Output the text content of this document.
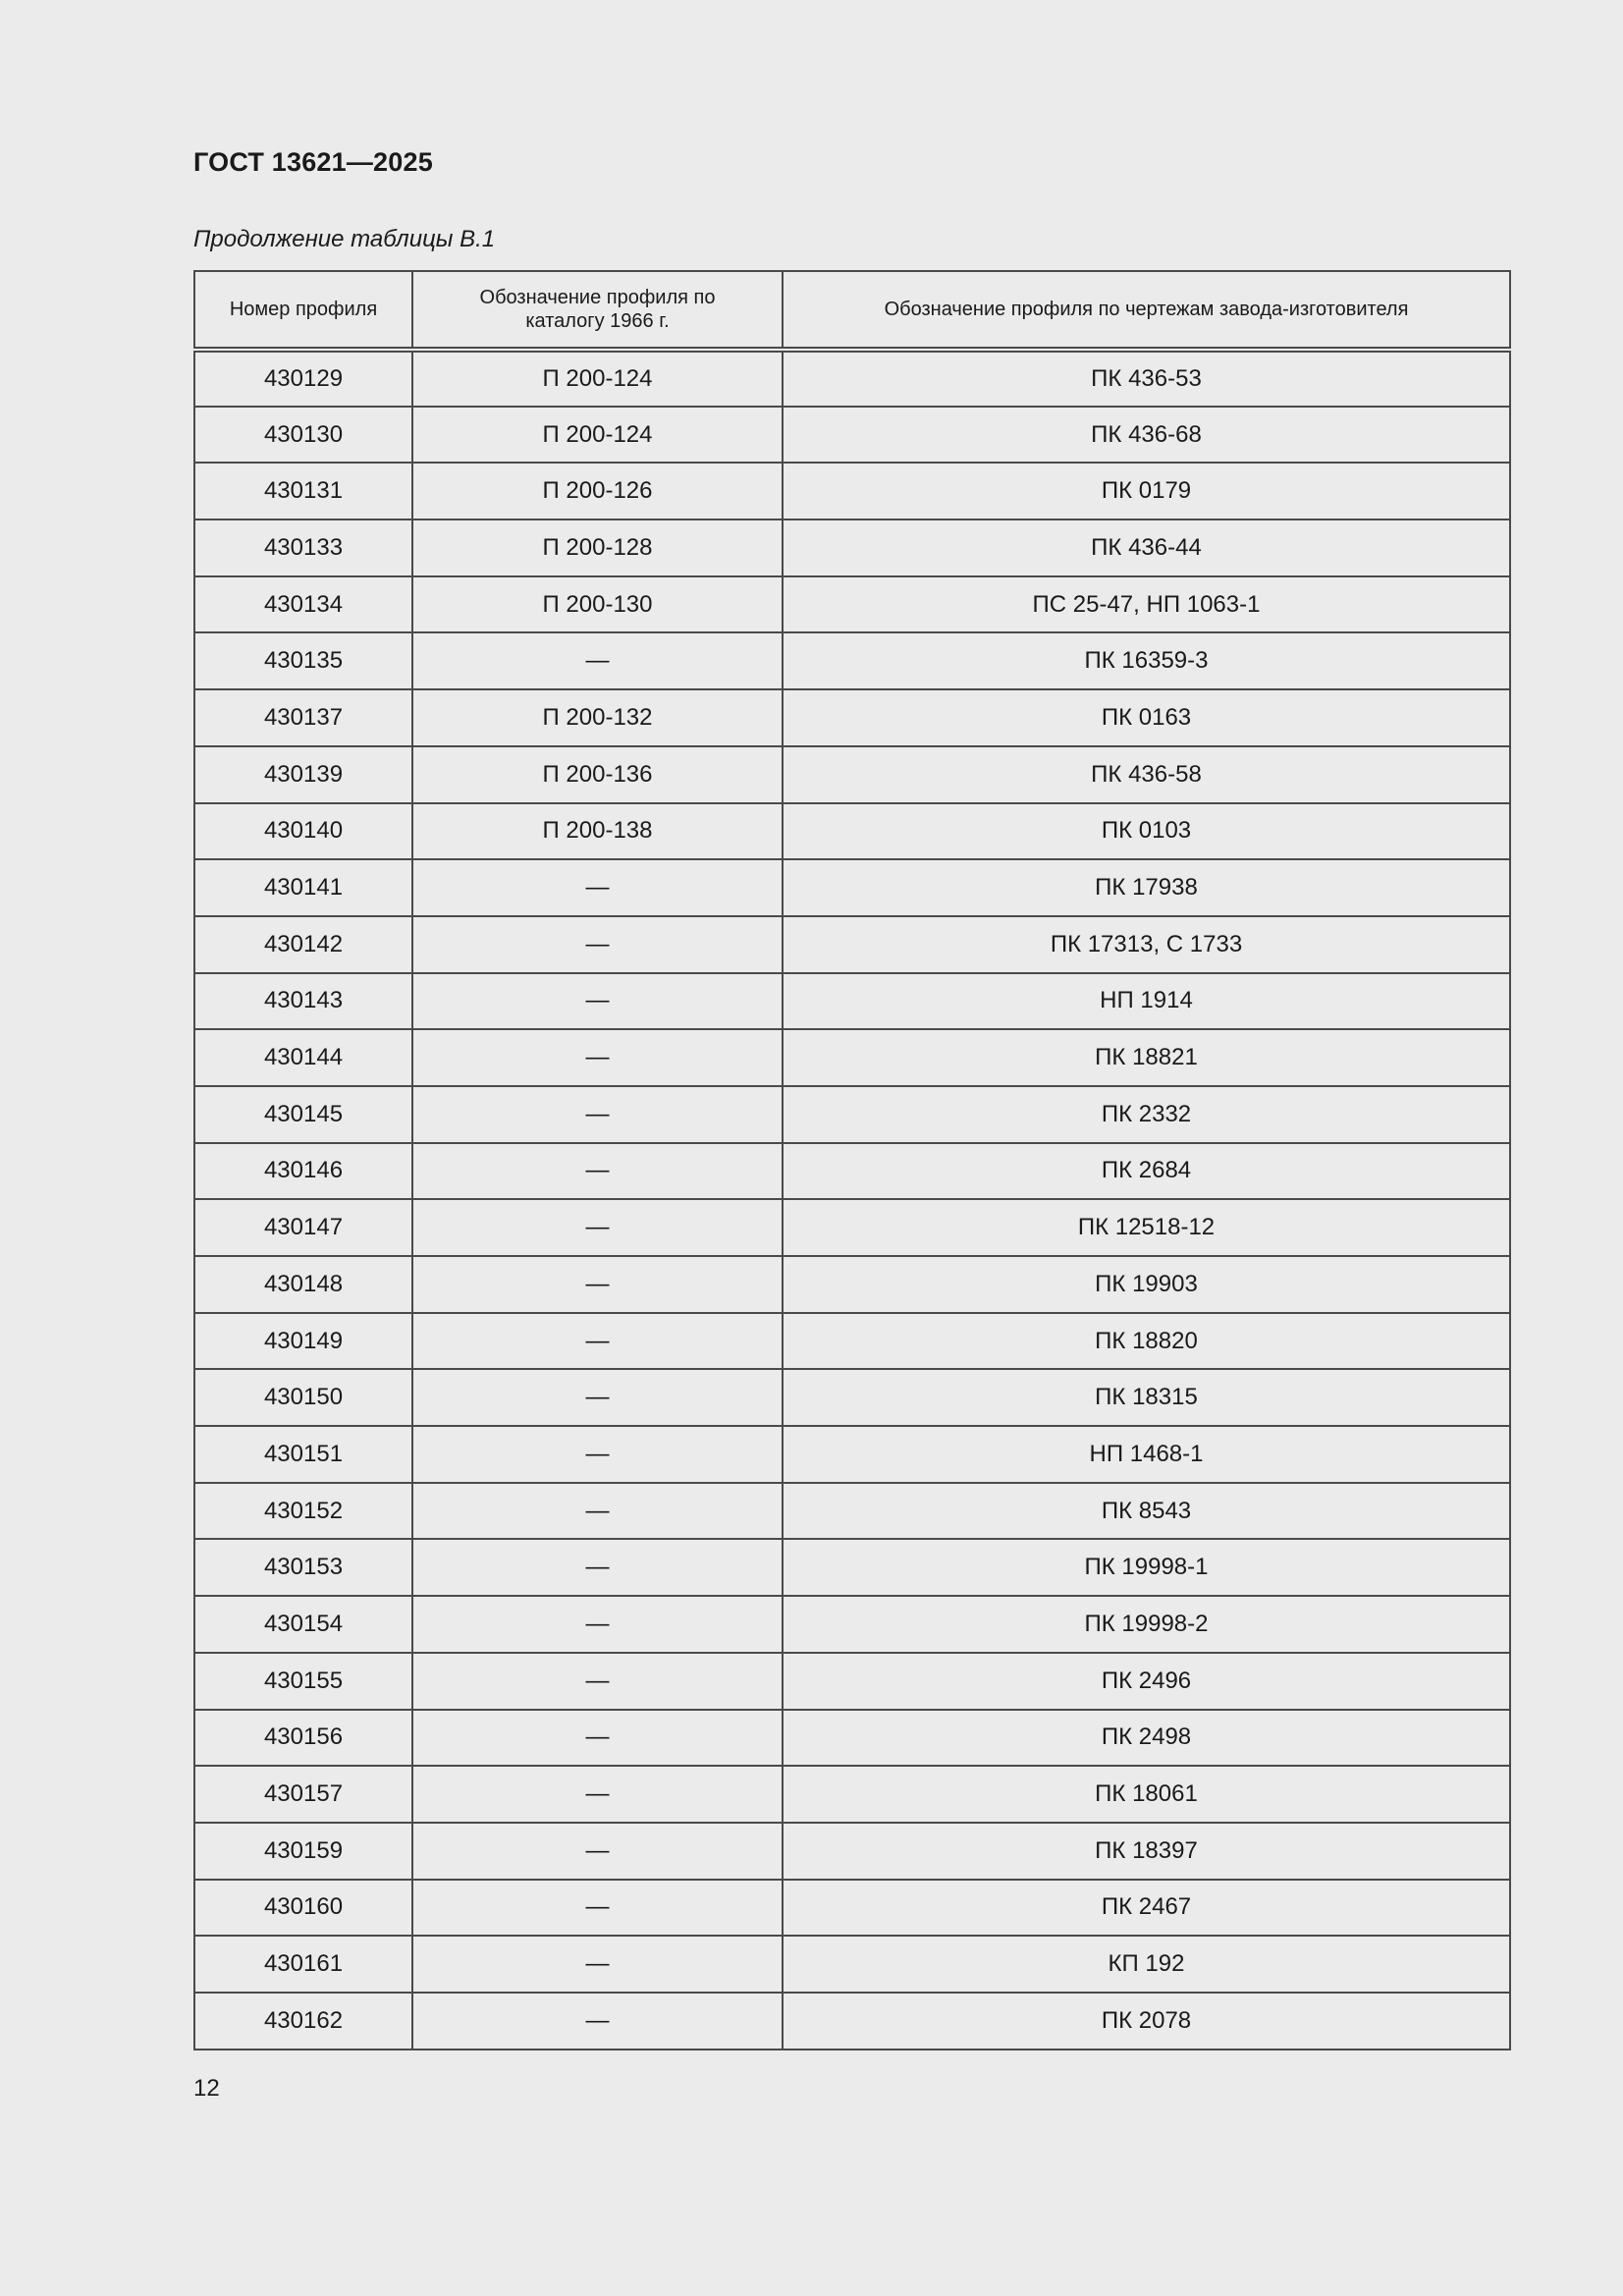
ГОСТ 13621—2025
Продолжение таблицы В.1
Номер профиля	Обозначение профиля по каталогу 1966 г.	Обозначение профиля по чертежам завода-изготовителя
430129	П 200-124	ПК 436-53
430130	П 200-124	ПК 436-68
430131	П 200-126	ПК 0179
430133	П 200-128	ПК 436-44
430134	П 200-130	ПС 25-47, НП 1063-1
430135	—	ПК 16359-3
430137	П 200-132	ПК 0163
430139	П 200-136	ПК 436-58
430140	П 200-138	ПК 0103
430141	—	ПК 17938
430142	—	ПК 17313, С 1733
430143	—	НП 1914
430144	—	ПК 18821
430145	—	ПК 2332
430146	—	ПК 2684
430147	—	ПК 12518-12
430148	—	ПК 19903
430149	—	ПК 18820
430150	—	ПК 18315
430151	—	НП 1468-1
430152	—	ПК 8543
430153	—	ПК 19998-1
430154	—	ПК 19998-2
430155	—	ПК 2496
430156	—	ПК 2498
430157	—	ПК 18061
430159	—	ПК 18397
430160	—	ПК 2467
430161	—	КП 192
430162	—	ПК 2078
12
